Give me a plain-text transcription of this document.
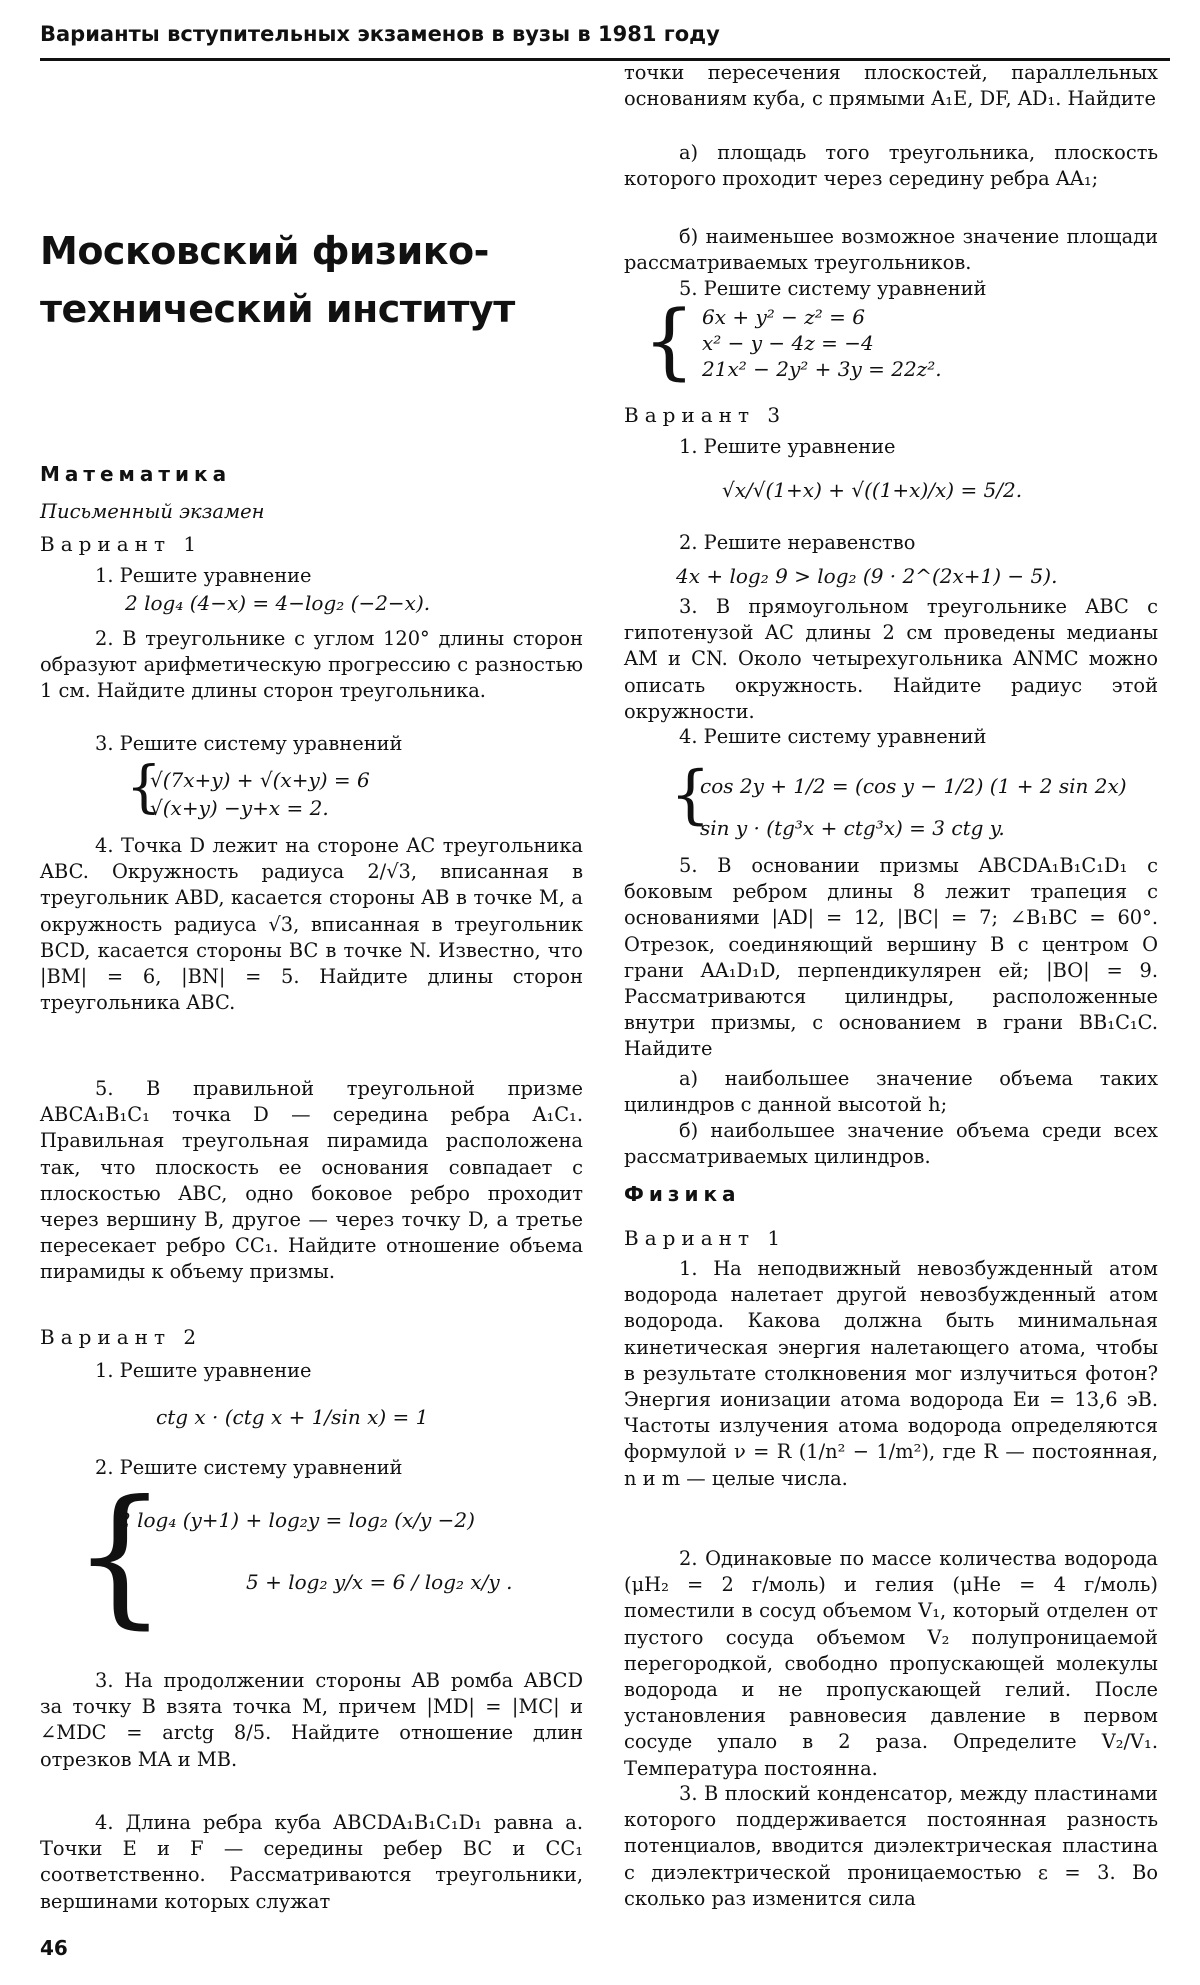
Варианты вступительных экзаменов в вузы в 1981 году
Московский физико-технический институт
Математика
Письменный экзамен
Вариант 1

1. Решите уравнение

2 log₄ (4−x) = 4−log₂ (−2−x).

2. В треугольнике с углом 120° длины сторон образуют арифметическую прогрессию с разностью 1 см. Найдите длины сторон треугольника.

3. Решите систему уравнений

{
√(7x+y) + √(x+y) = 6
√(x+y) −y+x = 2.

4. Точка D лежит на стороне AC треугольника ABC. Окружность радиуса 2/√3, вписанная в треугольник ABD, касается стороны AB в точке M, а окружность радиуса √3, вписанная в треугольник BCD, касается стороны BC в точке N. Известно, что |BM| = 6, |BN| = 5. Найдите длины сторон треугольника ABC.

5. В правильной треугольной призме ABCA₁B₁C₁ точка D — середина ребра A₁C₁. Правильная треугольная пирамида расположена так, что плоскость ее основания совпадает с плоскостью ABC, одно боковое ребро проходит через вершину B, другое — через точку D, а третье пересекает ребро CC₁. Найдите отношение объема пирамиды к объему призмы.

Вариант 2

1. Решите уравнение

ctg x · (ctg x + 1/sin x) = 1

2. Решите систему уравнений

{
2 log₄ (y+1) + log₂y = log₂ (x/y −2)
5 + log₂ y/x = 6 / log₂ x/y .

3. На продолжении стороны AB ромба ABCD за точку B взята точка M, причем |MD| = |MC| и ∠MDC = arctg 8/5. Найдите отношение длин отрезков MA и MB.

4. Длина ребра куба ABCDA₁B₁C₁D₁ равна a. Точки E и F — середины ребер BC и CC₁ соответственно. Рассматриваются треугольники, вершинами которых служат

46

точки пересечения плоскостей, параллельных основаниям куба, с прямыми A₁E, DF, AD₁. Найдите

а) площадь того треугольника, плоскость которого проходит через середину ребра AA₁;

б) наименьшее возможное значение площади рассматриваемых треугольников.

5. Решите систему уравнений

{ 6x + y² − z² = 6
x² − y − 4z = −4
21x² − 2y² + 3y = 22z².
Вариант 3

1. Решите уравнение

√x/√(1+x) + √((1+x)/x) = 5/2.

2. Решите неравенство

4x + log₂ 9 > log₂ (9 · 2^(2x+1) − 5).

3. В прямоугольном треугольнике ABC с гипотенузой AC длины 2 см проведены медианы AM и CN. Около четырехугольника ANMC можно описать окружность. Найдите радиус этой окружности.

4. Решите систему уравнений

{
cos 2y + 1/2 = (cos y − 1/2) (1 + 2 sin 2x)
sin y · (tg³x + ctg³x) = 3 ctg y.

5. В основании призмы ABCDA₁B₁C₁D₁ с боковым ребром длины 8 лежит трапеция с основаниями |AD| = 12, |BC| = 7; ∠B₁BC = 60°. Отрезок, соединяющий вершину B с центром O грани AA₁D₁D, перпендикулярен ей; |BO| = 9. Рассматриваются цилиндры, расположенные внутри призмы, с основанием в грани BB₁C₁C. Найдите

а) наибольшее значение объема таких цилиндров с данной высотой h;

б) наибольшее значение объема среди всех рассматриваемых цилиндров.

Физика
Вариант 1

1. На неподвижный невозбужденный атом водорода налетает другой невозбужденный атом водорода. Какова должна быть минимальная кинетическая энергия налетающего атома, чтобы в результате столкновения мог излучиться фотон? Энергия ионизации атома водорода Eи = 13,6 эВ. Частоты излучения атома водорода определяются формулой ν = R (1/n² − 1/m²), где R — постоянная, n и m — целые числа.

2. Одинаковые по массе количества водорода (μH₂ = 2 г/моль) и гелия (μHe = 4 г/моль) поместили в сосуд объемом V₁, который отделен от пустого сосуда объемом V₂ полупроницаемой перегородкой, свободно пропускающей молекулы водорода и не пропускающей гелий. После установления равновесия давление в первом сосуде упало в 2 раза. Определите V₂/V₁. Температура постоянна.

3. В плоский конденсатор, между пластинами которого поддерживается постоянная разность потенциалов, вводится диэлектрическая пластина с диэлектрической проницаемостью ε = 3. Во сколько раз изменится сила
